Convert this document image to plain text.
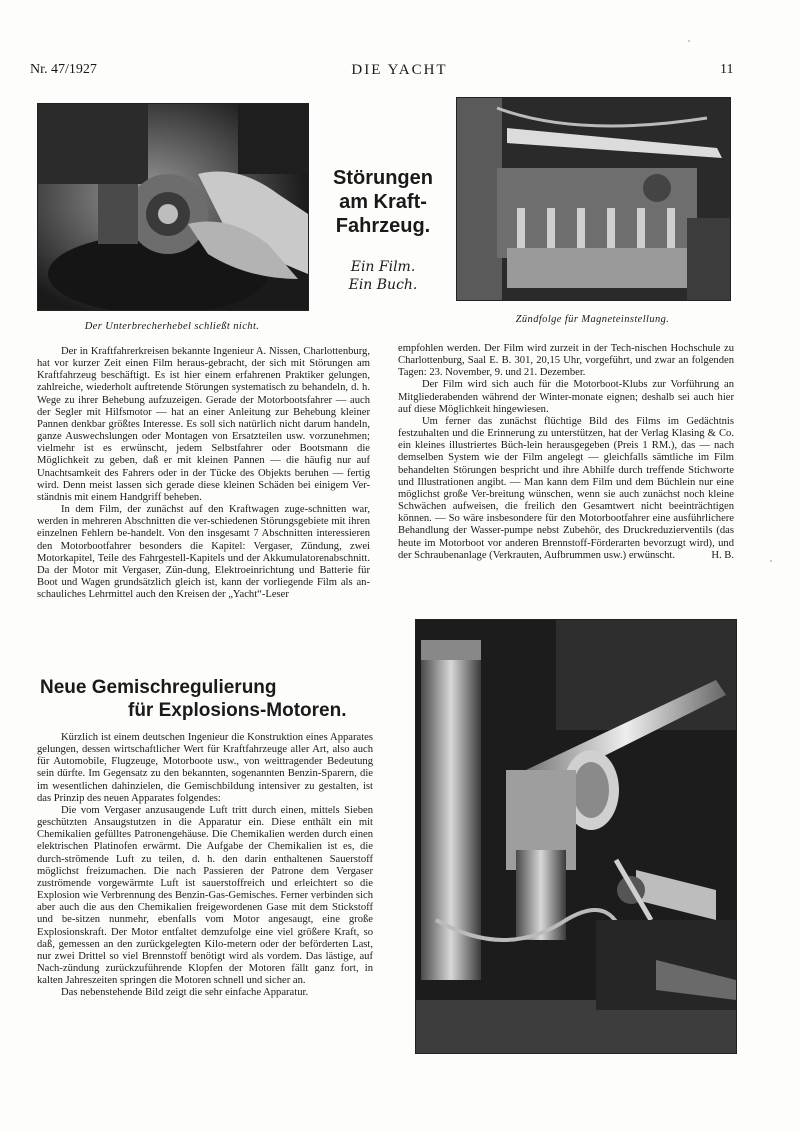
Nr. 47/1927	DIE YACHT	11
Der Unterbrecherhebel schließt nicht.
Störungen
am Kraft-
Fahrzeug.
Ein Film.
Ein Buch.
Zündfolge für Magneteinstellung.

Der in Kraftfahrerkreisen bekannte Ingenieur A. Nissen, Charlottenburg, hat vor kurzer Zeit einen Film heraus-gebracht, der sich mit Störungen am Kraftfahrzeug beschäftigt. Es ist hier einem erfahrenen Praktiker gelungen, zahlreiche, wiederholt auftretende Störungen systematisch zu behandeln, d. h. Wege zu ihrer Behebung aufzuzeigen. Gerade der Motorbootsfahrer — auch der Segler mit Hilfsmotor — hat an einer Anleitung zur Behebung kleiner Pannen denkbar größtes Interesse. Es soll sich natürlich nicht darum handeln, ganze Auswechslungen oder Montagen von Ersatzteilen usw. vorzunehmen; vielmehr ist es erwünscht, jedem Selbstfahrer oder Bootsmann die Möglichkeit zu geben, daß er mit kleinen Pannen — die häufig nur auf Unachtsamkeit des Fahrers oder in der Tücke des Objekts beruhen — fertig wird. Denn meist lassen sich gerade diese kleinen Schäden bei einigem Ver-ständnis mit einem Handgriff beheben.

In dem Film, der zunächst auf den Kraftwagen zuge-schnitten war, werden in mehreren Abschnitten die ver-schiedenen Störungsgebiete mit ihren einzelnen Fehlern be-handelt. Von den insgesamt 7 Abschnitten interessieren den Motorbootfahrer besonders die Kapitel: Vergaser, Zündung, zwei Motorkapitel, Teile des Fahrgestell-Kapitels und der Akkumulatorenabschnitt. Da der Motor mit Vergaser, Zün-dung, Elektroeinrichtung und Batterie für Boot und Wagen grundsätzlich gleich ist, kann der vorliegende Film als an-schauliches Lehrmittel auch den Kreisen der „Yacht“-Leser

empfohlen werden. Der Film wird zurzeit in der Tech-nischen Hochschule zu Charlottenburg, Saal E. B. 301, 20,15 Uhr, vorgeführt, und zwar an folgenden Tagen: 23. November, 9. und 21. Dezember.

Der Film wird sich auch für die Motorboot-Klubs zur Vorführung an Mitgliederabenden während der Winter-monate eignen; deshalb sei auch hier auf diese Möglichkeit hingewiesen.

Um ferner das zunächst flüchtige Bild des Films im Gedächtnis festzuhalten und die Erinnerung zu unterstützen, hat der Verlag Klasing & Co. ein kleines illustriertes Büch-lein herausgegeben (Preis 1 RM.), das — nach demselben System wie der Film angelegt — gleichfalls sämtliche im Film behandelten Störungen bespricht und ihre Abhilfe durch treffende Stichworte und Illustrationen angibt. — Man kann dem Film und dem Büchlein nur eine möglichst große Ver-breitung wünschen, wenn sie auch zunächst noch kleine Schwächen aufweisen, die freilich den Gesamtwert nicht beeinträchtigen können. — So wäre insbesondere für den Motorbootfahrer eine ausführlichere Behandlung der Wasser-pumpe nebst Zubehör, des Druckreduzierventils (das heute im Motorboot vor anderen Brennstoff-Förderarten bevorzugt wird), und der Schraubenanlage (Verkrauten, Aufbrummen usw.) erwünscht.	H. B.

Neue Gemischregulierung
für Explosions-Motoren.

Kürzlich ist einem deutschen Ingenieur die Konstruktion eines Apparates gelungen, dessen wirtschaftlicher Wert für Kraftfahrzeuge aller Art, also auch für Automobile, Flugzeuge, Motorboote usw., von weittragender Bedeutung sein dürfte. Im Gegensatz zu den bekannten, sogenannten Benzin-Sparern, die im wesentlichen dahinzielen, die Gemischbildung intensiver zu gestalten, ist das Prinzip des neuen Apparates folgendes:

Die vom Vergaser anzusaugende Luft tritt durch einen, mittels Sieben geschützten Ansaugstutzen in die Apparatur ein. Diese enthält ein mit Chemikalien gefülltes Patronengehäuse. Die Chemikalien werden durch einen elektrischen Platinofen erwärmt. Die Aufgabe der Chemikalien ist es, die durch-strömende Luft zu teilen, d. h. den darin enthaltenen Sauerstoff möglichst freizumachen. Die nach Passieren der Patrone dem Vergaser zuströmende vorgewärmte Luft ist sauerstoffreich und erleichtert so die Explosion wie Verbrennung des Benzin-Gas-Gemisches. Ferner verbinden sich aber auch die aus den Chemikalien freigewordenen Gase mit dem Stickstoff und be-sitzen nunmehr, ebenfalls vom Motor angesaugt, eine große Explosionskraft. Der Motor entfaltet demzufolge eine viel größere Kraft, so daß, gemessen an den zurückgelegten Kilo-metern oder der beförderten Last, nur zwei Drittel so viel Brennstoff benötigt wird als vordem. Das lästige, auf Nach-zündung zurückzuführende Klopfen der Motoren fällt ganz fort, in kalten Jahreszeiten springen die Motoren schnell und sicher an.

Das nebenstehende Bild zeigt die sehr einfache Apparatur.
